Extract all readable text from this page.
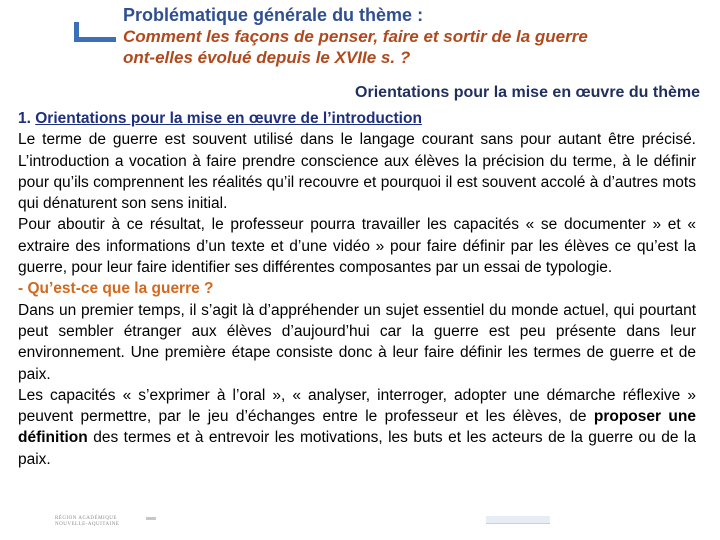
Problématique générale du thème :

Comment les façons de penser, faire et sortir de la guerre

ont-elles évolué depuis le XVIIe s. ?

Orientations pour la mise en œuvre du thème

1. Orientations pour la mise en œuvre de l’introduction

Le terme de guerre est souvent utilisé dans le langage courant sans pour autant être précisé. L’introduction a vocation à faire prendre conscience aux élèves la précision du terme, à le définir pour qu’ils comprennent les réalités qu’il recouvre et pourquoi il est souvent accolé à d’autres mots qui dénaturent son sens initial.

Pour aboutir à ce résultat, le professeur pourra travailler les capacités « se documenter » et « extraire des informations d’un texte et d’une vidéo » pour faire définir par les élèves ce qu’est la guerre, pour leur faire identifier ses différentes composantes par un essai de typologie.

- Qu’est-ce que la guerre ?

Dans un premier temps, il s’agit là d’appréhender un sujet essentiel du monde actuel, qui pourtant peut sembler étranger aux élèves d’aujourd’hui car la guerre est peu présente dans leur environnement. Une première étape consiste donc à leur faire définir les termes de guerre et de paix.

Les capacités « s’exprimer à l’oral », « analyser, interroger, adopter une démarche réflexive » peuvent permettre, par le jeu d’échanges entre le professeur et les élèves, de proposer une définition des termes et à entrevoir les motivations, les buts et les acteurs de la guerre ou de la paix.

RÉGION ACADÉMIQUE
NOUVELLE-AQUITAINE
